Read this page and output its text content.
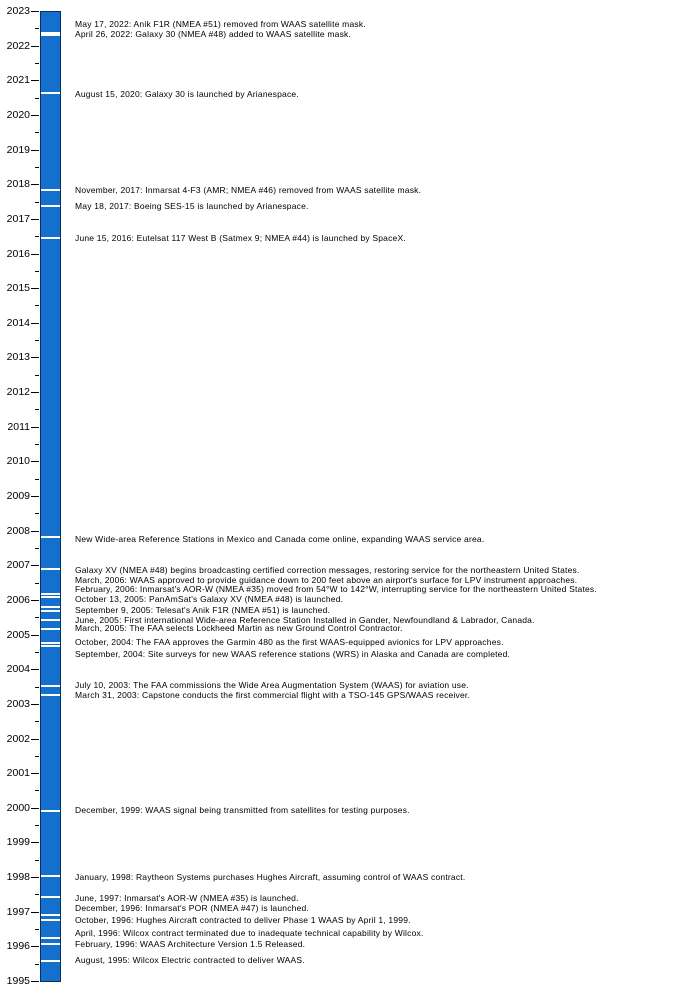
2023
2022
2021
2020
2019
2018
2017
2016
2015
2014
2013
2012
2011
2010
2009
2008
2007
2006
2005
2004
2003
2002
2001
2000
1999
1998
1997
1996
1995
May 17, 2022: Anik F1R (NMEA #51) removed from WAAS satellite mask.
April 26, 2022: Galaxy 30 (NMEA #48) added to WAAS satellite mask.
August 15, 2020: Galaxy 30 is launched by Arianespace.
November, 2017: Inmarsat 4-F3 (AMR; NMEA #46) removed from WAAS satellite mask.
May 18, 2017: Boeing SES-15 is launched by Arianespace.
June 15, 2016: Eutelsat 117 West B (Satmex 9; NMEA #44) is launched by SpaceX.
New Wide-area Reference Stations in Mexico and Canada come online, expanding WAAS service area.
Galaxy XV (NMEA #48) begins broadcasting certified correction messages, restoring service for the northeastern United States.
March, 2006: WAAS approved to provide guidance down to 200 feet above an airport's surface for LPV instrument approaches.
February, 2006: Inmarsat's AOR-W (NMEA #35) moved from 54°W to 142°W, interrupting service for the northeastern United States.
October 13, 2005: PanAmSat's Galaxy XV (NMEA #48) is launched.
September 9, 2005: Telesat's Anik F1R (NMEA #51) is launched.
June, 2005: First international Wide-area Reference Station Installed in Gander, Newfoundland & Labrador, Canada.
March, 2005: The FAA selects Lockheed Martin as new Ground Control Contractor.
October, 2004: The FAA approves the Garmin 480 as the first WAAS-equipped avionics for LPV approaches.
September, 2004: Site surveys for new WAAS reference stations (WRS) in Alaska and Canada are completed.
July 10, 2003: The FAA commissions the Wide Area Augmentation System (WAAS) for aviation use.
March 31, 2003: Capstone conducts the first commercial flight with a TSO-145 GPS/WAAS receiver.
December, 1999: WAAS signal being transmitted from satellites for testing purposes.
January, 1998: Raytheon Systems purchases Hughes Aircraft, assuming control of WAAS contract.
June, 1997: Inmarsat's AOR-W (NMEA #35) is launched.
December, 1996: Inmarsat's POR (NMEA #47) is launched.
October, 1996: Hughes Aircraft contracted to deliver Phase 1 WAAS by April 1, 1999.
April, 1996: Wilcox contract terminated due to inadequate technical capability by Wilcox.
February, 1996: WAAS Architecture Version 1.5 Released.
August, 1995: Wilcox Electric contracted to deliver WAAS.
